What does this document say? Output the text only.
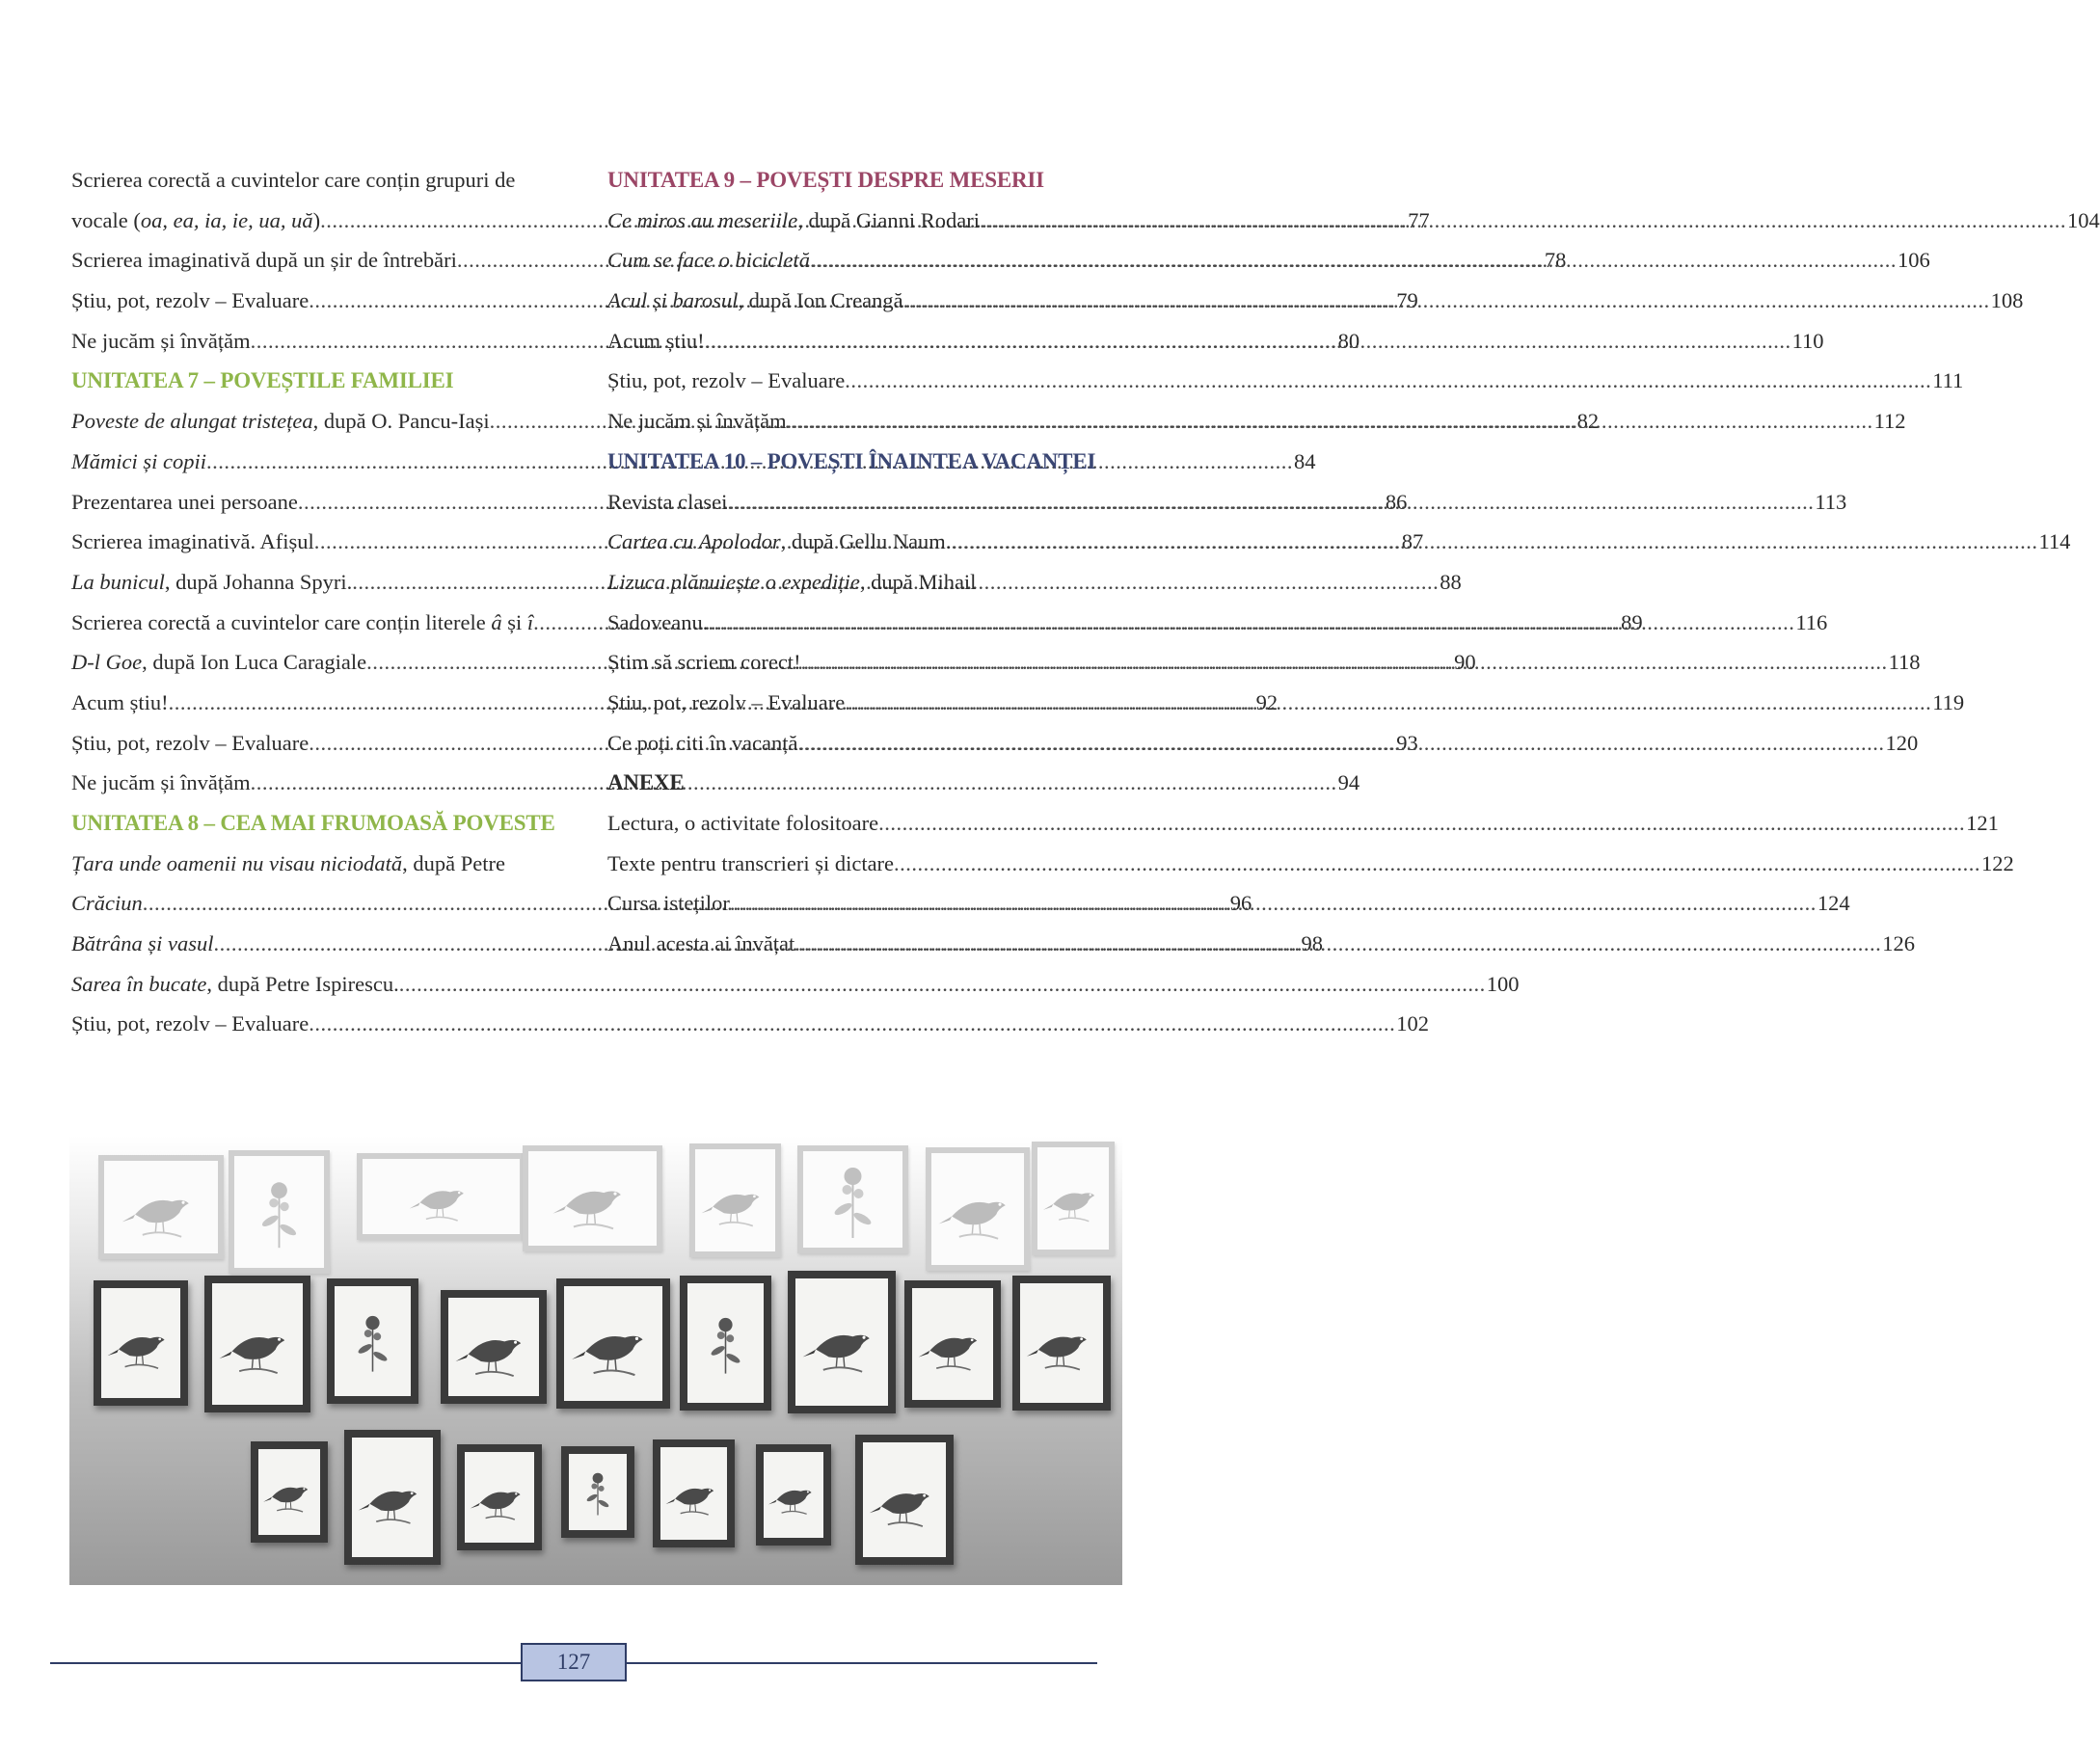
Scrierea corectă a cuvintelor care conțin grupuri de
vocale (oa, ea, ia, ie, ua, uă) .....	77
Scrierea imaginativă după un șir de întrebări .....	78
Știu, pot, rezolv – Evaluare .....	79
Ne jucăm și învățăm .....	80
UNITATEA 7 – POVEȘTILE FAMILIEI
Poveste de alungat tristețea, după O. Pancu-Iași .....	82
Mămici și copii .....	84
Prezentarea unei persoane .....	86
Scrierea imaginativă. Afișul .....	87
La bunicul, după Johanna Spyri. .....	88
Scrierea corectă a cuvintelor care conțin literele â și î .....	89
D-l Goe, după Ion Luca Caragiale .....	90
Acum știu! .....	92
Știu, pot, rezolv – Evaluare .....	93
Ne jucăm și învățăm .....	94
UNITATEA 8 – CEA MAI FRUMOASĂ POVESTE
Țara unde oamenii nu visau niciodată, după Petre
Crăciun .....	96
Bătrâna și vasul .....	98
Sarea în bucate, după Petre Ispirescu. .....	100
Știu, pot, rezolv – Evaluare .....	102
UNITATEA 9 – POVEȘTI DESPRE MESERII
Ce miros au meseriile, după Gianni Rodari .....	104
Cum se face o bicicletă .....	106
Acul și barosul, după Ion Creangă .....	108
Acum știu! .....	110
Știu, pot, rezolv – Evaluare .....	111
Ne jucăm și învățăm .....	112
UNITATEA 10 – POVEȘTI ÎNAINTEA VACANȚEI
Revista clasei .....	113
Cartea cu Apolodor, după Gellu Naum. .....	114
Lizuca plănuiește o expediție, după Mihail
Sadoveanu. .....	116
Știm să scriem corect! .....	118
Știu, pot, rezolv – Evaluare .....	119
Ce poți citi în vacanță .....	120
ANEXE
Lectura, o activitate folositoare .....	121
Texte pentru transcrieri și dictare .....	122
Cursa isteților .....	124
Anul acesta ai învățat .....	126
127
